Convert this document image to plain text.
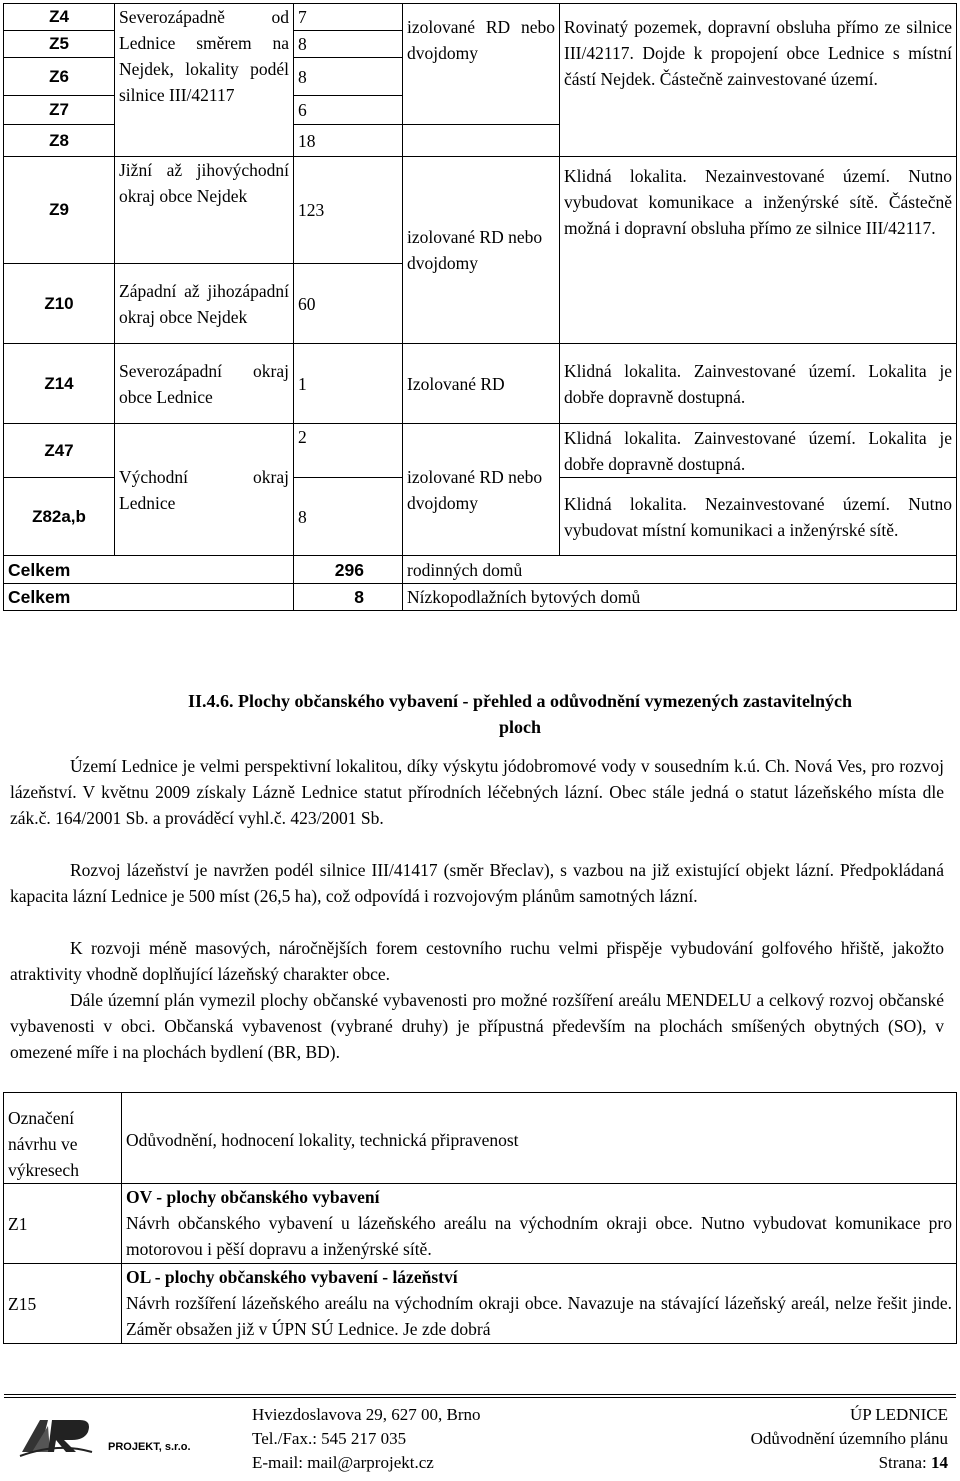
Z4	Severozápadně od Lednice směrem na Nejdek, lokality podél silnice III/42117	7	izolované RD nebo dvojdomy	Rovinatý pozemek, dopravní obsluha přímo ze silnice III/42117. Dojde k propojení obce Lednice s místní částí Nejdek. Částečně zainvestované území.
Z5		8		
Z6		8		
Z7		6		
Z8		18		
Z9	Jižní až jihovýchodní okraj obce Nejdek	123	izolované RD nebo dvojdomy	Klidná lokalita. Nezainvestované území. Nutno vybudovat komunikace a inženýrské sítě. Částečně možná i dopravní obsluha přímo ze silnice III/42117.
Z10	Západní až jihozápadní okraj obce Nejdek	60		
Z14	Severozápadní okraj obce Lednice	1	Izolované RD	Klidná lokalita. Zainvestované území. Lokalita je dobře dopravně dostupná.
Z47	Východní okraj Lednice	2	izolované RD nebo dvojdomy	Klidná lokalita. Zainvestované území. Lokalita je dobře dopravně dostupná.
Z82a,b		8		Klidná lokalita. Nezainvestované území. Nutno vybudovat místní komunikaci a inženýrské sítě.
Celkem		296	rodinných domů	
Celkem		8	Nízkopodlažních bytových domů	
II.4.6. Plochy občanského vybavení - přehled a odůvodnění vymezených zastavitelných
ploch
Území Lednice je velmi perspektivní lokalitou, díky výskytu jódobromové vody v sousedním k.ú. Ch. Nová Ves, pro rozvoj lázeňství. V květnu 2009 získaly Lázně Lednice statut přírodních léčebných lázní. Obec stále jedná o statut lázeňského místa dle zák.č. 164/2001 Sb. a prováděcí vyhl.č. 423/2001 Sb.
Rozvoj lázeňství je navržen podél silnice III/41417 (směr Břeclav), s vazbou na již existující objekt lázní. Předpokládaná kapacita lázní Lednice je 500 míst (26,5 ha), což odpovídá i rozvojovým plánům samotných lázní.
K rozvoji méně masových, náročnějších forem cestovního ruchu velmi přispěje vybudování golfového hřiště, jakožto atraktivity vhodně doplňující lázeňský charakter obce.
Dále územní plán vymezil plochy občanské vybavenosti pro možné rozšíření areálu MENDELU a celkový rozvoj občanské vybavenosti v obci. Občanská vybavenost (vybrané druhy) je přípustná především na plochách smíšených obytných (SO), v omezené míře i na plochách bydlení (BR, BD).
Označení návrhu ve výkresech	Odůvodnění, hodnocení lokality, technická připravenost
Z1	OV - plochy občanského vybavení
Návrh občanského vybavení u lázeňského areálu na východním okraji obce. Nutno vybudovat komunikace pro motorovou i pěší dopravu a inženýrské sítě.

Z15	OL - plochy občanského vybavení - lázeňství
Návrh rozšíření lázeňského areálu na východním okraji obce. Navazuje na stávající lázeňský areál, nelze řešit jinde. Záměr obsažen již v ÚPN SÚ Lednice. Je zde dobrá
PROJEKT, s.r.o.
Hviezdoslavova 29, 627 00, Brno
Tel./Fax.: 545 217 035
E-mail: mail@arprojekt.cz
ÚP LEDNICE
Odůvodnění územního plánu
Strana: 14
